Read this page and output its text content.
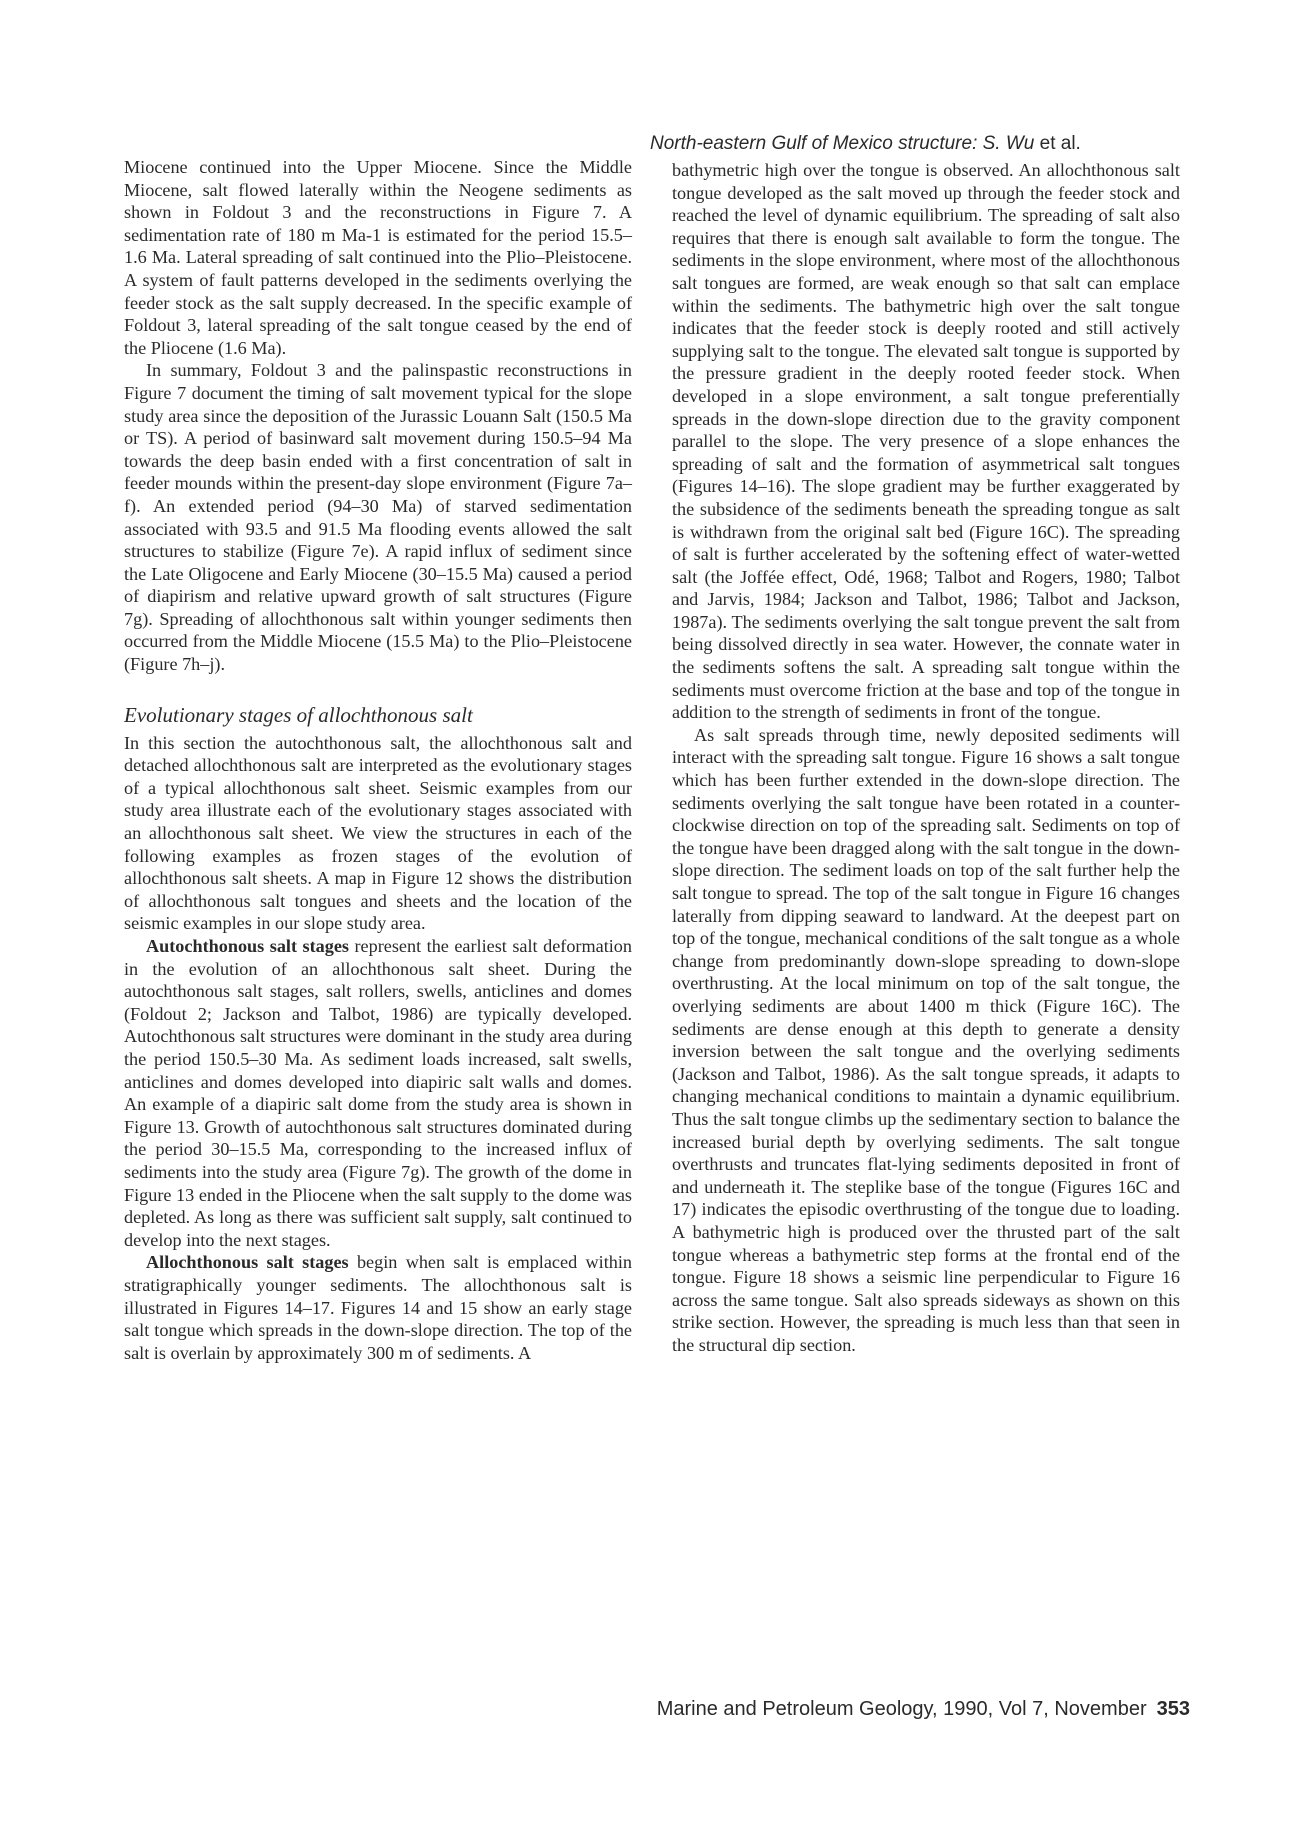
North-eastern Gulf of Mexico structure: S. Wu et al.

Miocene continued into the Upper Miocene. Since the Middle Miocene, salt flowed laterally within the Neogene sediments as shown in Foldout 3 and the reconstructions in Figure 7. A sedimentation rate of 180 m Ma-1 is estimated for the period 15.5–1.6 Ma. Lateral spreading of salt continued into the Plio–Pleistocene. A system of fault patterns developed in the sediments overlying the feeder stock as the salt supply decreased. In the specific example of Foldout 3, lateral spreading of the salt tongue ceased by the end of the Pliocene (1.6 Ma).

In summary, Foldout 3 and the palinspastic reconstructions in Figure 7 document the timing of salt movement typical for the slope study area since the deposition of the Jurassic Louann Salt (150.5 Ma or TS). A period of basinward salt movement during 150.5–94 Ma towards the deep basin ended with a first concentration of salt in feeder mounds within the present-day slope environment (Figure 7a–f). An extended period (94–30 Ma) of starved sedimentation associated with 93.5 and 91.5 Ma flooding events allowed the salt structures to stabilize (Figure 7e). A rapid influx of sediment since the Late Oligocene and Early Miocene (30–15.5 Ma) caused a period of diapirism and relative upward growth of salt structures (Figure 7g). Spreading of allochthonous salt within younger sediments then occurred from the Middle Miocene (15.5 Ma) to the Plio–Pleistocene (Figure 7h–j).

Evolutionary stages of allochthonous salt

In this section the autochthonous salt, the allochthonous salt and detached allochthonous salt are interpreted as the evolutionary stages of a typical allochthonous salt sheet. Seismic examples from our study area illustrate each of the evolutionary stages associated with an allochthonous salt sheet. We view the structures in each of the following examples as frozen stages of the evolution of allochthonous salt sheets. A map in Figure 12 shows the distribution of allochthonous salt tongues and sheets and the location of the seismic examples in our slope study area.

Autochthonous salt stages represent the earliest salt deformation in the evolution of an allochthonous salt sheet. During the autochthonous salt stages, salt rollers, swells, anticlines and domes (Foldout 2; Jackson and Talbot, 1986) are typically developed. Autochthonous salt structures were dominant in the study area during the period 150.5–30 Ma. As sediment loads increased, salt swells, anticlines and domes developed into diapiric salt walls and domes. An example of a diapiric salt dome from the study area is shown in Figure 13. Growth of autochthonous salt structures dominated during the period 30–15.5 Ma, corresponding to the increased influx of sediments into the study area (Figure 7g). The growth of the dome in Figure 13 ended in the Pliocene when the salt supply to the dome was depleted. As long as there was sufficient salt supply, salt continued to develop into the next stages.

Allochthonous salt stages begin when salt is emplaced within stratigraphically younger sediments. The allochthonous salt is illustrated in Figures 14–17. Figures 14 and 15 show an early stage salt tongue which spreads in the down-slope direction. The top of the salt is overlain by approximately 300 m of sediments. A

bathymetric high over the tongue is observed. An allochthonous salt tongue developed as the salt moved up through the feeder stock and reached the level of dynamic equilibrium. The spreading of salt also requires that there is enough salt available to form the tongue. The sediments in the slope environment, where most of the allochthonous salt tongues are formed, are weak enough so that salt can emplace within the sediments. The bathymetric high over the salt tongue indicates that the feeder stock is deeply rooted and still actively supplying salt to the tongue. The elevated salt tongue is supported by the pressure gradient in the deeply rooted feeder stock. When developed in a slope environment, a salt tongue preferentially spreads in the down-slope direction due to the gravity component parallel to the slope. The very presence of a slope enhances the spreading of salt and the formation of asymmetrical salt tongues (Figures 14–16). The slope gradient may be further exaggerated by the subsidence of the sediments beneath the spreading tongue as salt is withdrawn from the original salt bed (Figure 16C). The spreading of salt is further accelerated by the softening effect of water-wetted salt (the Joffée effect, Odé, 1968; Talbot and Rogers, 1980; Talbot and Jarvis, 1984; Jackson and Talbot, 1986; Talbot and Jackson, 1987a). The sediments overlying the salt tongue prevent the salt from being dissolved directly in sea water. However, the connate water in the sediments softens the salt. A spreading salt tongue within the sediments must overcome friction at the base and top of the tongue in addition to the strength of sediments in front of the tongue.

As salt spreads through time, newly deposited sediments will interact with the spreading salt tongue. Figure 16 shows a salt tongue which has been further extended in the down-slope direction. The sediments overlying the salt tongue have been rotated in a counter-clockwise direction on top of the spreading salt. Sediments on top of the tongue have been dragged along with the salt tongue in the down-slope direction. The sediment loads on top of the salt further help the salt tongue to spread. The top of the salt tongue in Figure 16 changes laterally from dipping seaward to landward. At the deepest part on top of the tongue, mechanical conditions of the salt tongue as a whole change from predominantly down-slope spreading to down-slope overthrusting. At the local minimum on top of the salt tongue, the overlying sediments are about 1400 m thick (Figure 16C). The sediments are dense enough at this depth to generate a density inversion between the salt tongue and the overlying sediments (Jackson and Talbot, 1986). As the salt tongue spreads, it adapts to changing mechanical conditions to maintain a dynamic equilibrium. Thus the salt tongue climbs up the sedimentary section to balance the increased burial depth by overlying sediments. The salt tongue overthrusts and truncates flat-lying sediments deposited in front of and underneath it. The steplike base of the tongue (Figures 16C and 17) indicates the episodic overthrusting of the tongue due to loading. A bathymetric high is produced over the thrusted part of the salt tongue whereas a bathymetric step forms at the frontal end of the tongue. Figure 18 shows a seismic line perpendicular to Figure 16 across the same tongue. Salt also spreads sideways as shown on this strike section. However, the spreading is much less than that seen in the structural dip section.

Marine and Petroleum Geology, 1990, Vol 7, November 353
